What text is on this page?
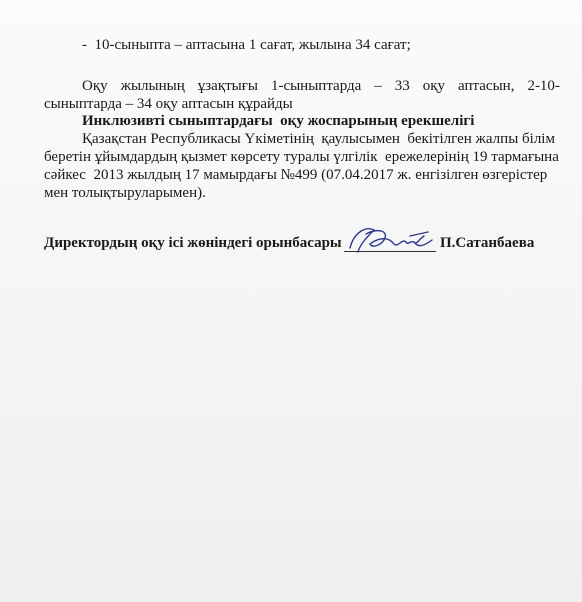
- 10-сыныпта – аптасына 1 сағат, жылына 34 сағат;
Оқу жылының ұзақтығы 1-сыныптарда – 33 оқу аптасын, 2-10-
сыныптарда – 34 оқу аптасын құрайды
Инклюзивті сыныптардағы  оқу жоспарының ерекшелігі
Қазақстан Республикасы Үкіметінің  қаулысымен  бекітілген жалпы білім
беретін ұйымдардың қызмет көрсету туралы үлгілік  ережелерінің 19 тармағына
сәйкес  2013 жылдың 17 мамырдағы №499 (07.04.2017 ж. енгізілген өзгерістер
мен толықтыруларымен).
Директордың оқу ісі жөніндегі орынбасары	П.Сатанбаева
